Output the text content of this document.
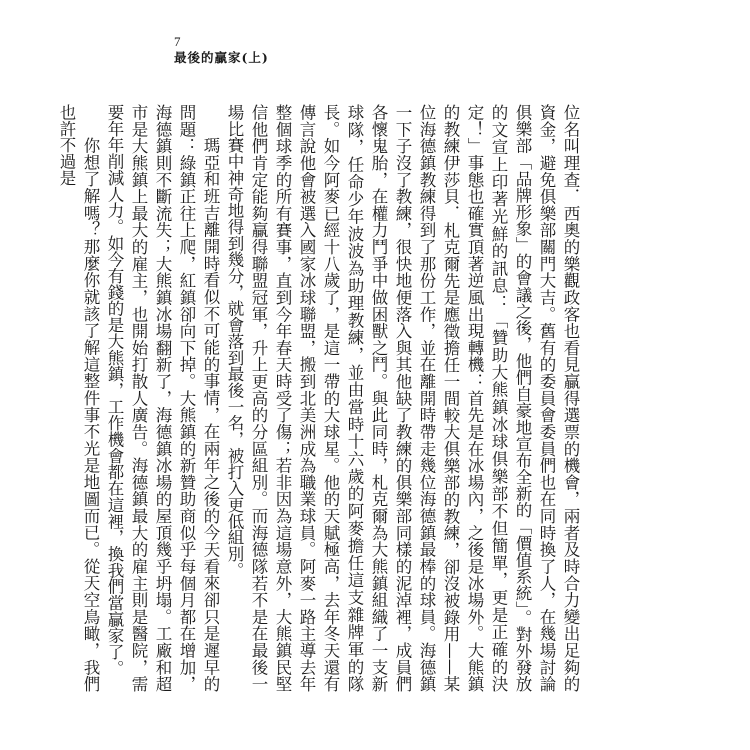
7
最後的贏家(上)

位名叫理查．西奧的樂觀政客也看見贏得選票的機會，兩者及時合力變出足夠的資金，避免俱樂部關門大吉。舊有的委員會委員們也在同時換了人，在幾場討論俱樂部「品牌形象」的會議之後，他們自豪地宣布全新的「價值系統」。對外發放的文宣上印著光鮮的訊息：「贊助大熊鎮冰球俱樂部不但簡單，更是正確的決定！」事態也確實頂著逆風出現轉機：首先是在冰場內，之後是冰場外。大熊鎮的教練伊莎貝．札克爾先是應徵擔任一間較大俱樂部的教練，卻沒被錄用——某位海德鎮教練得到了那份工作，並在離開時帶走幾位海德鎮最棒的球員。海德鎮一下子沒了教練，很快地便落入與其他缺了教練的俱樂部同樣的泥淖裡，成員們各懷鬼胎，在權力鬥爭中做困獸之鬥。與此同時，札克爾為大熊鎮組織了一支新球隊，任命少年波波為助理教練，並由當時十六歲的阿麥擔任這支雜牌軍的隊長。如今阿麥已經十八歲了，是這一帶的大球星。他的天賦極高，去年冬天還有傳言說他會被選入國家冰球聯盟，搬到北美洲成為職業球員。阿麥一路主導去年整個球季的所有賽事，直到今年春天時受了傷；若非因為這場意外，大熊鎮民堅信他們肯定能夠贏得聯盟冠軍，升上更高的分區組別。而海德隊若不是在最後一場比賽中神奇地得到幾分，就會落到最後一名，被打入更低組別。

瑪亞和班吉離開時看似不可能的事情，在兩年之後的今天看來卻只是遲早的問題：綠鎮正往上爬，紅鎮卻向下掉。大熊鎮的新贊助商似乎每個月都在增加，海德鎮則不斷流失；大熊鎮冰場翻新了，海德鎮冰場的屋頂幾乎坍塌。工廠和超市是大熊鎮上最大的雇主，也開始打散人廣告。海德鎮最大的雇主則是醫院，需要年年削減人力。如今有錢的是大熊鎮，工作機會都在這裡，換我們當贏家了。

你想了解嗎？那麼你就該了解這整件事不光是地圖而已。從天空鳥瞰，我們也許不過是
